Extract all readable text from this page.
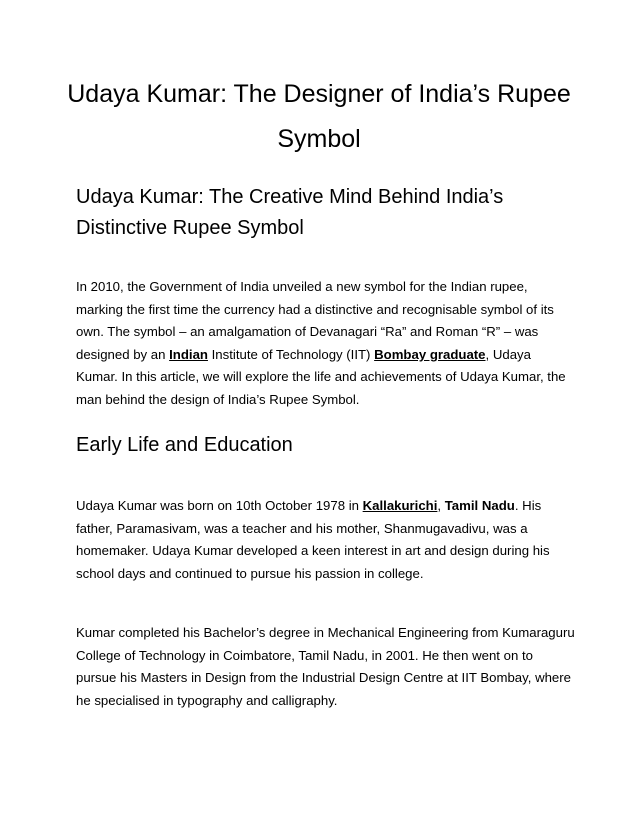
Udaya Kumar: The Designer of India’s Rupee Symbol
Udaya Kumar: The Creative Mind Behind India’s Distinctive Rupee Symbol

In 2010, the Government of India unveiled a new symbol for the Indian rupee, marking the first time the currency had a distinctive and recognisable symbol of its own. The symbol – an amalgamation of Devanagari “Ra” and Roman “R” – was designed by an Indian Institute of Technology (IIT) Bombay graduate, Udaya Kumar. In this article, we will explore the life and achievements of Udaya Kumar, the man behind the design of India’s Rupee Symbol.

Early Life and Education

Udaya Kumar was born on 10th October 1978 in Kallakurichi, Tamil Nadu. His father, Paramasivam, was a teacher and his mother, Shanmugavadivu, was a homemaker. Udaya Kumar developed a keen interest in art and design during his school days and continued to pursue his passion in college.

Kumar completed his Bachelor’s degree in Mechanical Engineering from Kumaraguru College of Technology in Coimbatore, Tamil Nadu, in 2001. He then went on to pursue his Masters in Design from the Industrial Design Centre at IIT Bombay, where he specialised in typography and calligraphy.
